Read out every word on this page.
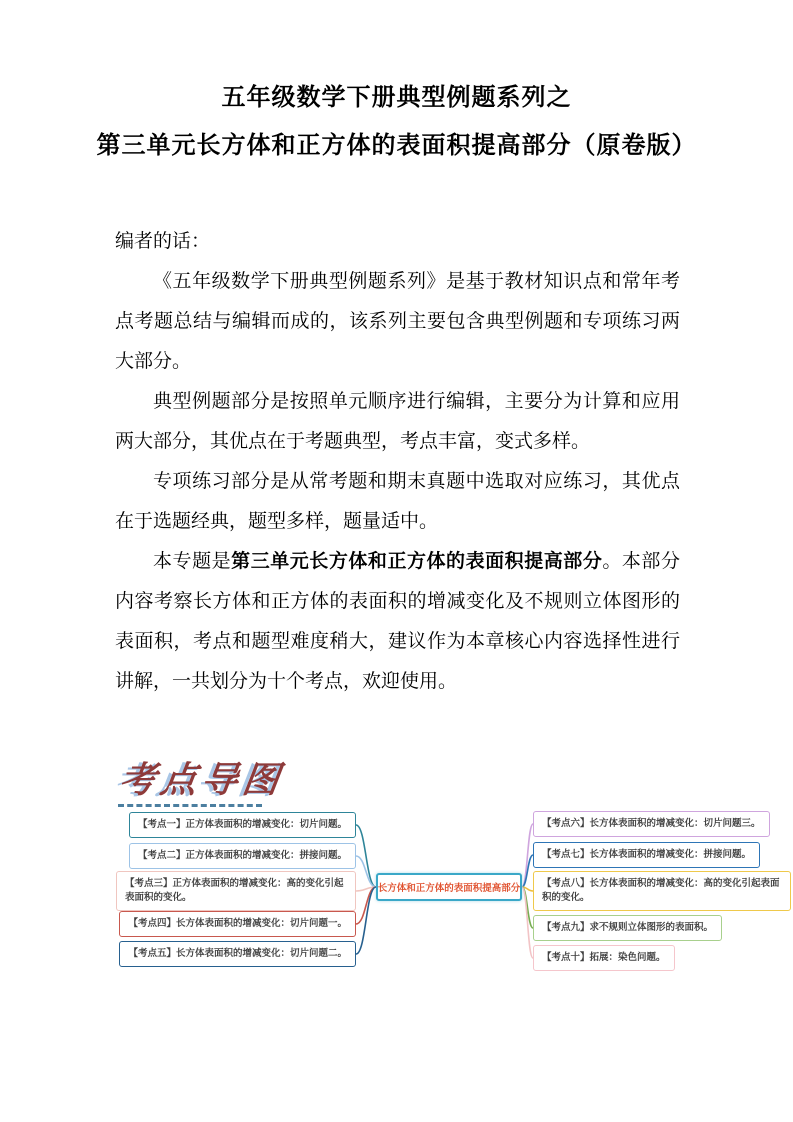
五年级数学下册典型例题系列之
第三单元长方体和正方体的表面积提高部分（原卷版）

编者的话：

《五年级数学下册典型例题系列》是基于教材知识点和常年考点考题总结与编辑而成的，该系列主要包含典型例题和专项练习两大部分。

典型例题部分是按照单元顺序进行编辑，主要分为计算和应用两大部分，其优点在于考题典型，考点丰富，变式多样。

专项练习部分是从常考题和期末真题中选取对应练习，其优点在于选题经典，题型多样，题量适中。

本专题是第三单元长方体和正方体的表面积提高部分。本部分内容考察长方体和正方体的表面积的增减变化及不规则立体图形的表面积，考点和题型难度稍大，建议作为本章核心内容选择性进行讲解，一共划分为十个考点，欢迎使用。

考点导图
长方体和正方体的表面积提高部分
【考点一】正方体表面积的增减变化：切片问题。
【考点二】正方体表面积的增减变化：拼接问题。
【考点三】正方体表面积的增减变化：高的变化引起表面积的变化。
【考点四】长方体表面积的增减变化：切片问题一。
【考点五】长方体表面积的增减变化：切片问题二。
【考点六】长方体表面积的增减变化：切片问题三。
【考点七】长方体表面积的增减变化：拼接问题。
【考点八】长方体表面积的增减变化：高的变化引起表面积的变化。
【考点九】求不规则立体图形的表面积。
【考点十】拓展：染色问题。
